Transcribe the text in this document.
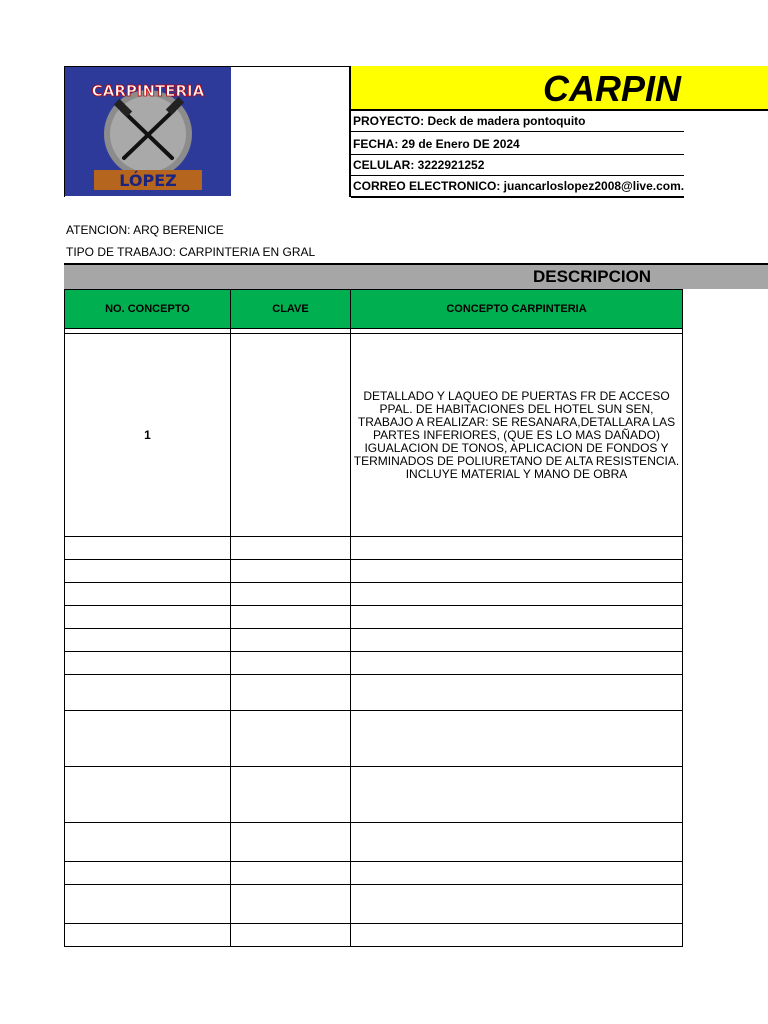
CARPINTERIA
LÓPEZ
CARPIN
PROYECTO: Deck de madera pontoquito
FECHA: 29 de Enero DE 2024
CELULAR: 3222921252
CORREO ELECTRONICO: juancarloslopez2008@live.com.
ATENCION: ARQ BERENICE
TIPO DE TRABAJO: CARPINTERIA EN GRAL
DESCRIPCION
NO. CONCEPTO	CLAVE	CONCEPTO CARPINTERIA

1		DETALLADO Y LAQUEO DE PUERTAS FR DE ACCESO PPAL. DE HABITACIONES DEL HOTEL SUN SEN, TRABAJO A REALIZAR: SE RESANARA,DETALLARA LAS PARTES INFERIORES, (QUE ES LO MAS DAÑADO) IGUALACION DE TONOS, APLICACION DE FONDOS Y TERMINADOS DE POLIURETANO DE ALTA RESISTENCIA. INCLUYE MATERIAL Y MANO DE OBRA
